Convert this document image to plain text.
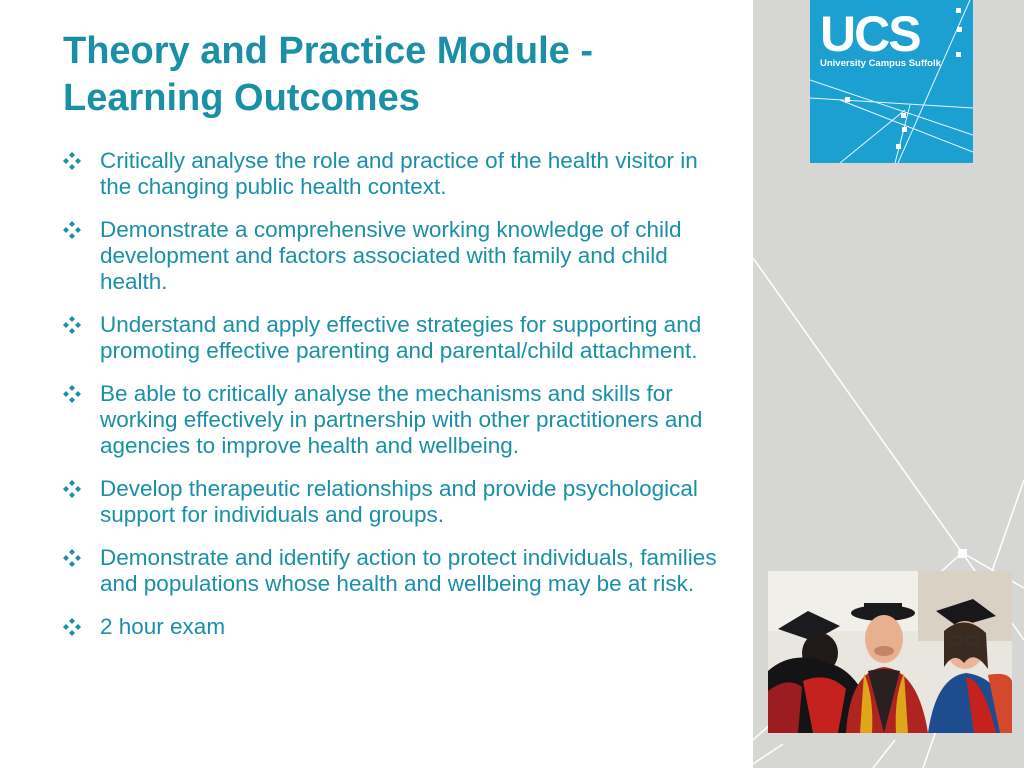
UCS
University Campus Suffolk
Theory and Practice Module - Learning Outcomes
Critically analyse the role and practice of the health visitor in the changing public health context.
Demonstrate a comprehensive working knowledge of child development and factors associated with family and child health.
Understand and apply effective strategies for supporting and promoting effective parenting and parental/child attachment.
Be able to critically analyse the mechanisms and skills for working effectively in partnership with other practitioners and agencies to improve health and wellbeing.
Develop therapeutic relationships and provide psychological support for individuals and groups.
Demonstrate and identify action to protect individuals, families and populations whose health and wellbeing may be at risk.
2 hour exam
